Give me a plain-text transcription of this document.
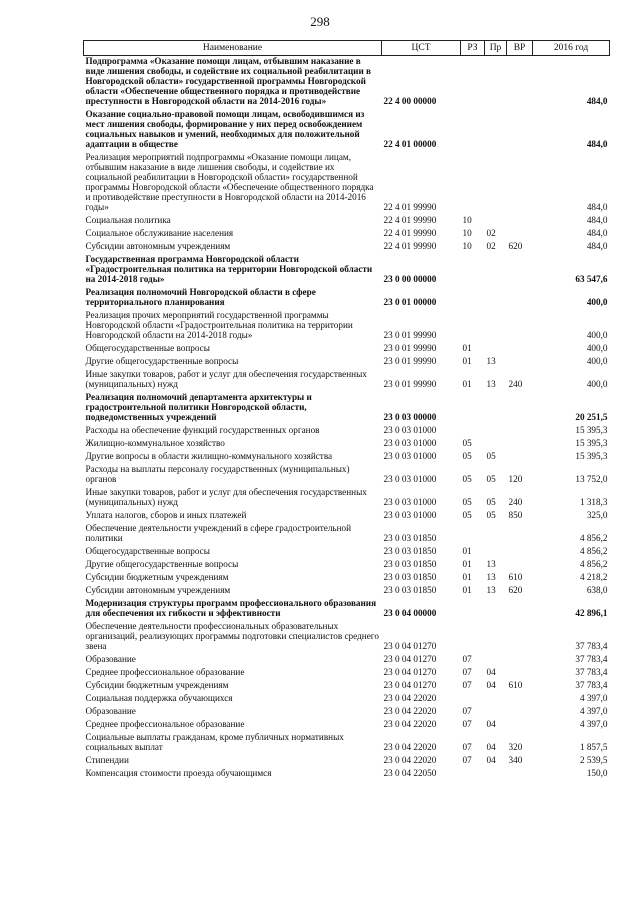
298
Наименование	ЦСТ	РЗ	Пр	ВР	2016 год
Подпрограмма «Оказание помощи лицам, отбывшим наказание в виде лишения свободы, и содействие их социальной реабилитации в Новгородской области» государственной программы Новгородской области «Обеспечение общественного порядка и противодействие преступности в Новгородской области на 2014-2016 годы»	22 4 00 00000				484,0
Оказание социально-правовой помощи лицам, освободившимся из мест лишения свободы, формирование у них перед освобождением социальных навыков и умений, необходимых для положительной адаптации в обществе	22 4 01 00000				484,0
Реализация мероприятий подпрограммы «Оказание помощи лицам, отбывшим наказание в виде лишения свободы, и содействие их социальной реабилитации в Новгородской области» государственной программы Новгородской области «Обеспечение общественного порядка и противодействие преступности в Новгородской области на 2014-2016 годы»	22 4 01 99990				484,0
Социальная политика	22 4 01 99990	10			484,0
Социальное обслуживание населения	22 4 01 99990	10	02		484,0
Субсидии автономным учреждениям	22 4 01 99990	10	02	620	484,0
Государственная программа Новгородской области «Градостроительная политика на территории Новгородской области на 2014-2018 годы»	23 0 00 00000				63 547,6
Реализация полномочий Новгородской области в сфере территориального планирования	23 0 01 00000				400,0
Реализация прочих мероприятий государственной программы Новгородской области «Градостроительная политика на территории Новгородской области на 2014-2018 годы»	23 0 01 99990				400,0
Общегосударственные вопросы	23 0 01 99990	01			400,0
Другие общегосударственные вопросы	23 0 01 99990	01	13		400,0
Иные закупки товаров, работ и услуг для обеспечения государственных (муниципальных) нужд	23 0 01 99990	01	13	240	400,0
Реализация полномочий департамента архитектуры и градостроительной политики Новгородской области, подведомственных учреждений	23 0 03 00000				20 251,5
Расходы на обеспечение функций государственных органов	23 0 03 01000				15 395,3
Жилищно-коммунальное хозяйство	23 0 03 01000	05			15 395,3
Другие вопросы в области жилищно-коммунального хозяйства	23 0 03 01000	05	05		15 395,3
Расходы на выплаты персоналу государственных (муниципальных) органов	23 0 03 01000	05	05	120	13 752,0
Иные закупки товаров, работ и услуг для обеспечения государственных (муниципальных) нужд	23 0 03 01000	05	05	240	1 318,3
Уплата налогов, сборов и иных платежей	23 0 03 01000	05	05	850	325,0
Обеспечение деятельности учреждений в сфере градостроительной политики	23 0 03 01850				4 856,2
Общегосударственные вопросы	23 0 03 01850	01			4 856,2
Другие общегосударственные вопросы	23 0 03 01850	01	13		4 856,2
Субсидии бюджетным учреждениям	23 0 03 01850	01	13	610	4 218,2
Субсидии автономным учреждениям	23 0 03 01850	01	13	620	638,0
Модернизация структуры программ профессионального образования для обеспечения их гибкости и эффективности	23 0 04 00000				42 896,1
Обеспечение деятельности профессиональных образовательных организаций, реализующих программы подготовки специалистов среднего звена	23 0 04 01270				37 783,4
Образование	23 0 04 01270	07			37 783,4
Среднее профессиональное образование	23 0 04 01270	07	04		37 783,4
Субсидии бюджетным учреждениям	23 0 04 01270	07	04	610	37 783,4
Социальная поддержка обучающихся	23 0 04 22020				4 397,0
Образование	23 0 04 22020	07			4 397,0
Среднее профессиональное образование	23 0 04 22020	07	04		4 397,0
Социальные выплаты гражданам, кроме публичных нормативных социальных выплат	23 0 04 22020	07	04	320	1 857,5
Стипендии	23 0 04 22020	07	04	340	2 539,5
Компенсация стоимости проезда обучающимся	23 0 04 22050				150,0
